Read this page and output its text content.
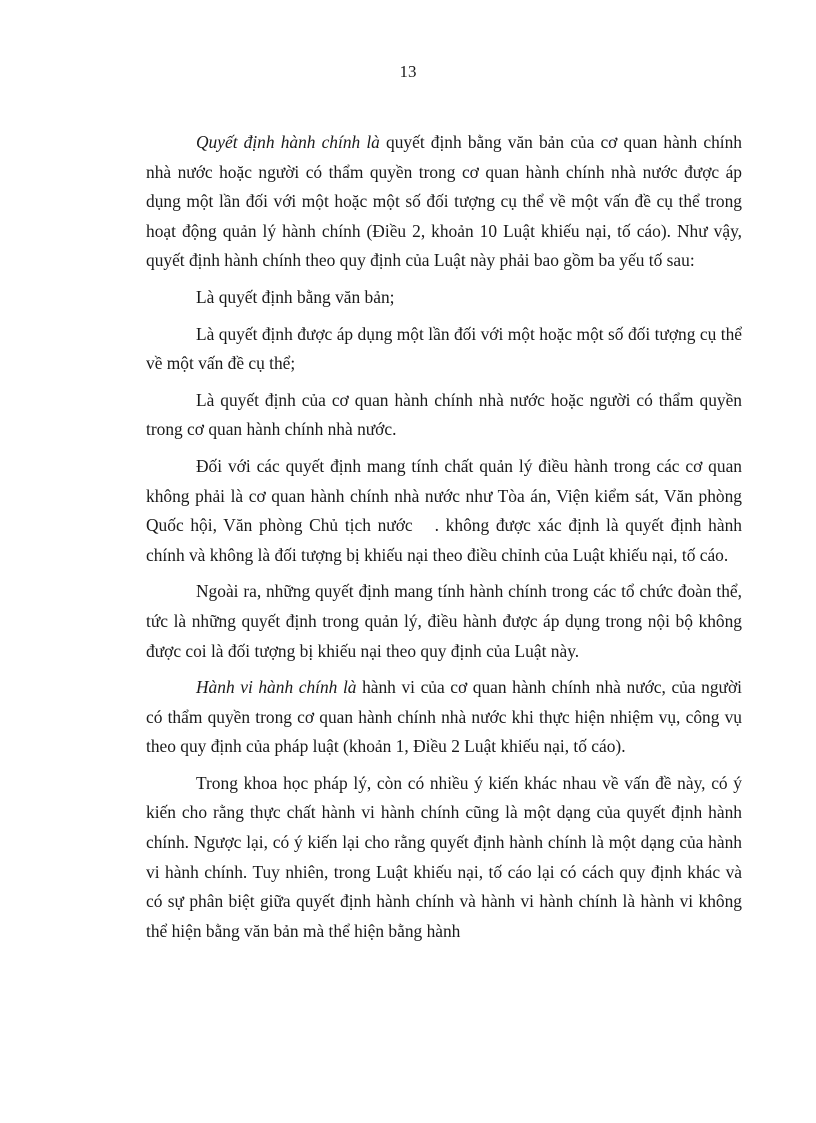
13

Quyết định hành chính là quyết định bằng văn bản của cơ quan hành chính nhà nước hoặc người có thẩm quyền trong cơ quan hành chính nhà nước được áp dụng một lần đối với một hoặc một số đối tượng cụ thể về một vấn đề cụ thể trong hoạt động quản lý hành chính (Điều 2, khoản 10 Luật khiếu nại, tố cáo). Như vậy, quyết định hành chính theo quy định của Luật này phải bao gồm ba yếu tố sau:

Là quyết định bằng văn bản;

Là quyết định được áp dụng một lần đối với một hoặc một số đối tượng cụ thể về một vấn đề cụ thể;

Là quyết định của cơ quan hành chính nhà nước hoặc người có thẩm quyền trong cơ quan hành chính nhà nước.

Đối với các quyết định mang tính chất quản lý điều hành trong các cơ quan không phải là cơ quan hành chính nhà nước như Tòa án, Viện kiểm sát, Văn phòng Quốc hội, Văn phòng Chủ tịch nước . không được xác định là quyết định hành chính và không là đối tượng bị khiếu nại theo điều chỉnh của Luật khiếu nại, tố cáo.

Ngoài ra, những quyết định mang tính hành chính trong các tổ chức đoàn thể, tức là những quyết định trong quản lý, điều hành được áp dụng trong nội bộ không được coi là đối tượng bị khiếu nại theo quy định của Luật này.

Hành vi hành chính là hành vi của cơ quan hành chính nhà nước, của người có thẩm quyền trong cơ quan hành chính nhà nước khi thực hiện nhiệm vụ, công vụ theo quy định của pháp luật (khoản 1, Điều 2 Luật khiếu nại, tố cáo).

Trong khoa học pháp lý, còn có nhiều ý kiến khác nhau về vấn đề này, có ý kiến cho rằng thực chất hành vi hành chính cũng là một dạng của quyết định hành chính. Ngược lại, có ý kiến lại cho rằng quyết định hành chính là một dạng của hành vi hành chính. Tuy nhiên, trong Luật khiếu nại, tố cáo lại có cách quy định khác và có sự phân biệt giữa quyết định hành chính và hành vi hành chính là hành vi không thể hiện bằng văn bản mà thể hiện bằng hành
